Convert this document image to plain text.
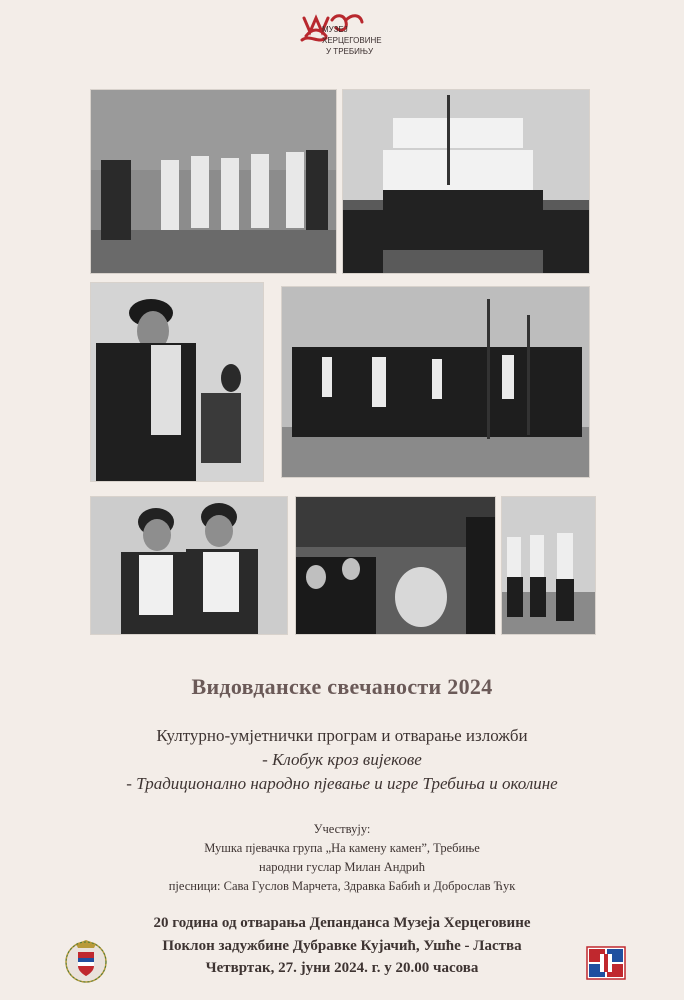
МУЗЕЈ
ХЕРЦЕГОВИНЕ
У ТРЕБИЊУ
Видовданске свечаности 2024
Културно-умјетнички програм и отварање изложби
- Клобук кроз вијекове
- Традиционално народно пјевање и игре Требиња и околине
Учествују:
Мушка пјевачка група „На камену камен”, Требиње
народни гуслар Милан Андрић
пјесници: Сава Гуслов Марчета, Здравка Бабић и Доброслав Ћук
20 година од отварања Депанданса Музеја Херцеговине
Поклон задужбине Дубравке Кујачић, Ушће - Ластва
Четвртак, 27. јуни 2024. г. у 20.00 часова
